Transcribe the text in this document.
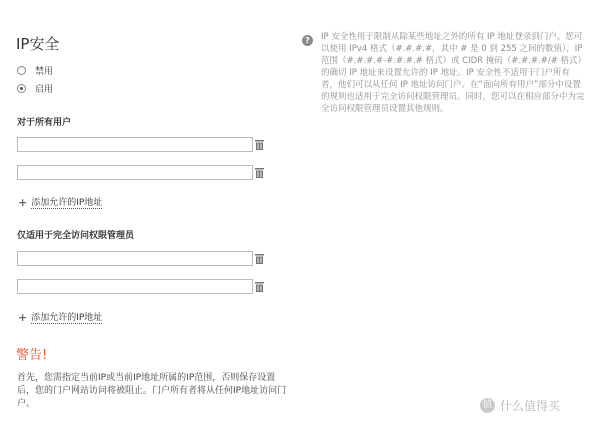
IP安全
禁用
启用
对于所有用户
+ 添加允许的IP地址
仅适用于完全访问权限管理员
+ 添加允许的IP地址
警告!
首先，您需指定当前IP或当前IP地址所属的IP范围，否则保存设置后，您的门户网站访问将被阻止。门户所有者将从任何IP地址访问门户。
?	IP 安全性用于限制从除某些地址之外的所有 IP 地址登录到门户。您可以使用 IPv4 格式（#.#.#.#，其中 # 是 0 到 255 之间的数值），IP 范围（#.#.#.#-#.#.#.# 格式）或 CIDR 掩码（#.#.#.#/# 格式）的确切 IP 地址来设置允许的 IP 地址。IP 安全性不适用于门户所有者，他们可以从任何 IP 地址访问门户。在“面向所有用户”部分中设置的规则也适用于完全访问权限管理员。同时，您可以在相应部分中为完全访问权限管理员设置其他规则。
值 什么值得买
